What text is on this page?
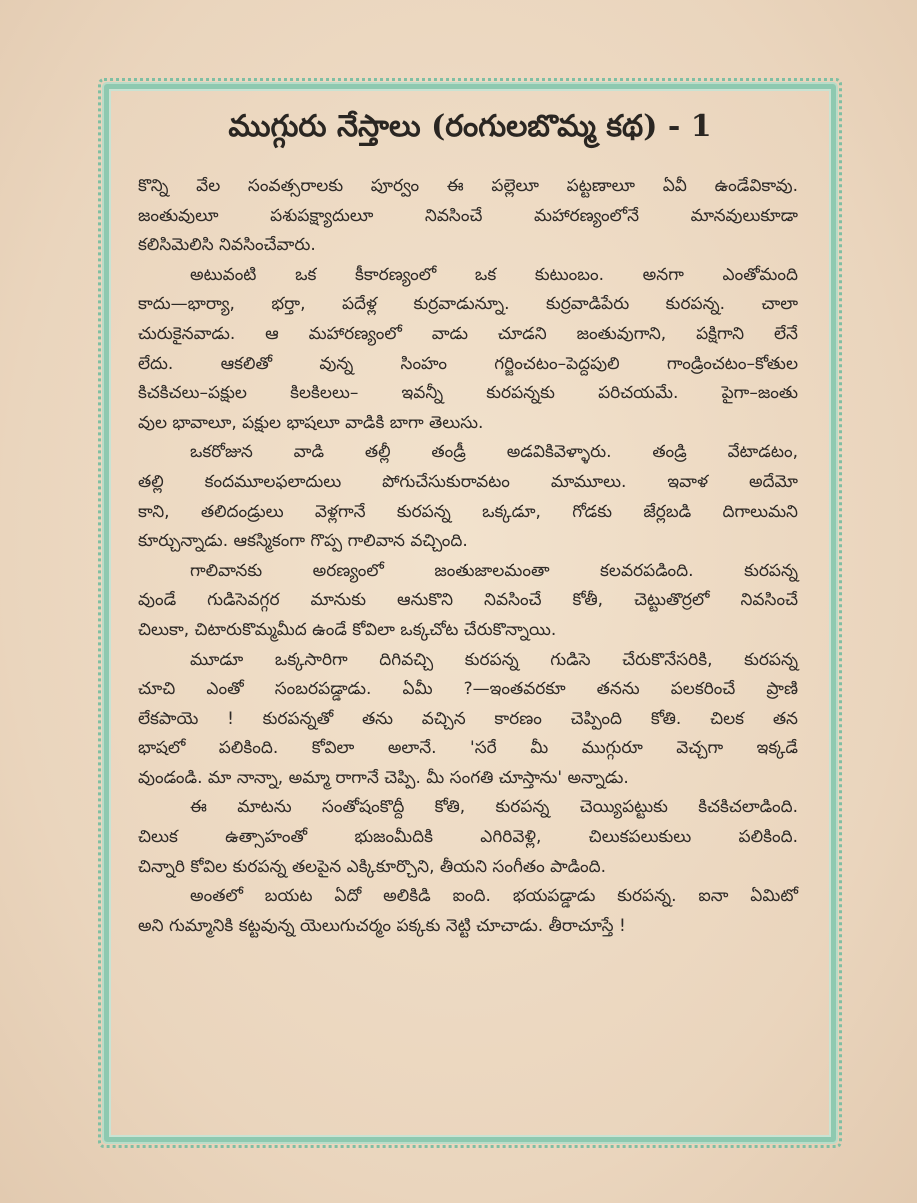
ముగ్గురు నేస్తాలు (రంగులబొమ్మ కథ) - 1
కొన్ని వేల సంవత్సరాలకు పూర్వం ఈ పల్లెలూ పట్టణాలూ ఏవీ ఉండేవికావు.
జంతువులూ పశుపక్ష్యాదులూ నివసించే మహారణ్యంలోనే మానవులుకూడా
కలిసిమెలిసి నివసించేవారు.
అటువంటి ఒక కీకారణ్యంలో ఒక కుటుంబం. అనగా ఎంతోమంది
కాదు—భార్యా, భర్తా, పదేళ్ల కుర్రవాడున్నూ. కుర్రవాడిపేరు కురపన్న. చాలా
చురుకైనవాడు. ఆ మహారణ్యంలో వాడు చూడని జంతువుగాని, పక్షిగాని లేనే
లేదు. ఆకలితో వున్న సింహం గర్జించటం–పెద్దపులి గాండ్రించటం–కోతుల
కిచకిచలు–పక్షుల కిలకిలలు– ఇవన్నీ కురపన్నకు పరిచయమే. పైగా–జంతు
వుల భావాలూ, పక్షుల భాషలూ వాడికి బాగా తెలుసు.
ఒకరోజున వాడి తల్లీ తండ్రీ అడవికివెళ్ళారు. తండ్రి వేటాడటం,
తల్లి కందమూలఫలాదులు పోగుచేసుకురావటం మామూలు. ఇవాళ అదేమో
కాని, తలిదండ్రులు వెళ్లగానే కురపన్న ఒక్కడూ, గోడకు జేర్లబడి దిగాలుమని
కూర్చున్నాడు. ఆకస్మికంగా గొప్ప గాలివాన వచ్చింది.
గాలివానకు అరణ్యంలో జంతుజాలమంతా కలవరపడింది. కురపన్న
వుండే గుడిసెవగ్గర మానుకు ఆనుకొని నివసించే కోతీ, చెట్టుతొర్రలో నివసించే
చిలుకా, చిటారుకొమ్మమీద ఉండే కోవిలా ఒక్కచోట చేరుకొన్నాయి.
మూడూ ఒక్కసారిగా దిగివచ్చి కురపన్న గుడిసె చేరుకొనేసరికి, కురపన్న
చూచి ఎంతో సంబరపడ్డాడు. ఏమీ ?—ఇంతవరకూ తనను పలకరించే ప్రాణి
లేకపాయె ! కురపన్నతో తను వచ్చిన కారణం చెప్పింది కోతి. చిలక తన
భాషలో పలికింది. కోవిలా అలానే. 'సరే మీ ముగ్గురూ వెచ్చగా ఇక్కడే
వుండండి. మా నాన్నా, అమ్మా రాగానే చెప్పి. మీ సంగతి చూస్తాను' అన్నాడు.
ఈ మాటను సంతోషంకొద్దీ కోతి, కురపన్న చెయ్యిపట్టుకు కిచకిచలాడింది.
చిలుక ఉత్సాహంతో భుజంమీదికి ఎగిరివెళ్లి, చిలుకపలుకులు పలికింది.
చిన్నారి కోవిల కురపన్న తలపైన ఎక్కికూర్చొని, తీయని సంగీతం పాడింది.
అంతలో బయట ఏదో అలికిడి ఐంది. భయపడ్డాడు కురపన్న. ఐనా ఏమిటో
అని గుమ్మానికి కట్టవున్న యెలుగుచర్మం పక్కకు నెట్టి చూచాడు. తీరాచూస్తే !
